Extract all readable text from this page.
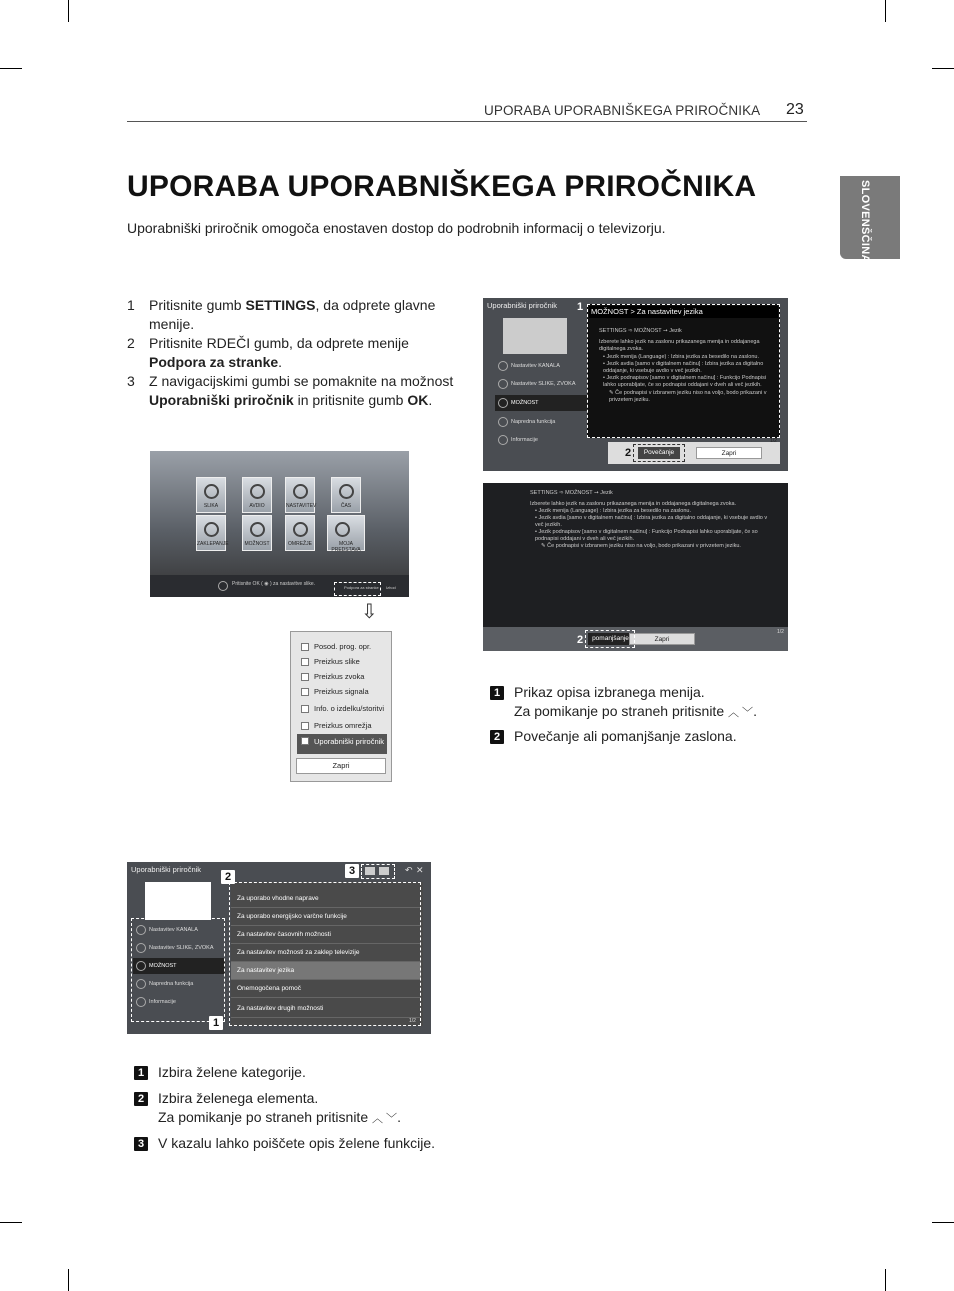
UPORABA UPORABNIŠKEGA PRIROČNIKA 23
SLOVENŠČINA
UPORABA UPORABNIŠKEGA PRIROČNIKA

Uporabniški priročnik omogoča enostaven dostop do podrobnih informacij o televizorju.

1	Pritisnite gumb SETTINGS, da odprete glavne menije.
2	Pritisnite RDEČI gumb, da odprete menije Podpora za stranke.
3	Z navigacijskimi gumbi se pomaknite na možnost Uporabniški priročnik in pritisnite gumb OK.
SLIKA	AVDIO	NASTAVITEV	ČAS
ZAKLEPANJE	MOŽNOST	OMREŽJE	MOJA PREDSTAVA
Pritisnite OK ( ◉ ) za nastavitve slike.
Podpora za stranke Izhod
⇩
Posod. prog. opr.
Preizkus slike
Preizkus zvoka
Preizkus signala
Info. o izdelku/storitvi
Preizkus omrežja
Uporabniški priročnik
Zapri
Uporabniški priročnik
Nastavitev KANALA
Nastavitev SLIKE, ZVOKA
MOŽNOST
Napredna funkcija
Informacije
MOŽNOST > Za nastavitev jezika
SETTINGS ➾ MOŽNOST ➙ Jezik
Izberete lahko jezik na zaslonu prikazanega menija in oddajanega digitalnega zvoka.
• Jezik menija (Language) : Izbira jezika za besedilo na zaslonu.
• Jezik avdia [samo v digitalnem načinu] : Izbira jezika za digitalno oddajanje, ki vsebuje avdio v več jezikih.
• Jezik podnapisov [samo v digitalnem načinu] : Funkcijo Podnapisi lahko uporabljate, če so podnapisi oddajani v dveh ali več jezikih.
✎ Če podnapisi v izbranem jeziku niso na voljo, bodo prikazani v privzetem jeziku.
Povečanje	Zapri
1/2
1
2
SETTINGS ➾ MOŽNOST ➙ Jezik
Izberete lahko jezik na zaslonu prikazanega menija in oddajanega digitalnega zvoka.
• Jezik menija (Language) : Izbira jezika za besedilo na zaslonu.
• Jezik avdia [samo v digitalnem načinu] : Izbira jezika za digitalno oddajanje, ki vsebuje avdio v več jezikih.
• Jezik podnapisov [samo v digitalnem načinu] : Funkcijo Podnapisi lahko uporabljate, če so podnapisi oddajani v dveh ali več jezikih.
✎ Če podnapisi v izbranem jeziku niso na voljo, bodo prikazani v privzetem jeziku.
pomanjšanje	Zapri
1/2
2
1 Prikaz opisa izbranega menija.
Za pomikanje po straneh pritisnite ︿ ﹀.
2 Povečanje ali pomanjšanje zaslona.
Uporabniški priročnik
Nastavitev KANALA
Nastavitev SLIKE, ZVOKA
MOŽNOST
Napredna funkcija
Informacije
↶ ✕
Za uporabo vhodne naprave
Za uporabo energijsko varčne funkcije
Za nastavitev časovnih možnosti
Za nastavitev možnosti za zaklep televizije
Za nastavitev jezika
Onemogočena pomoč
Za nastavitev drugih možnosti
1/2
2	3
1
1 Izbira želene kategorije.
2 Izbira želenega elementa.
Za pomikanje po straneh pritisnite ︿ ﹀.
3 V kazalu lahko poiščete opis želene funkcije.
